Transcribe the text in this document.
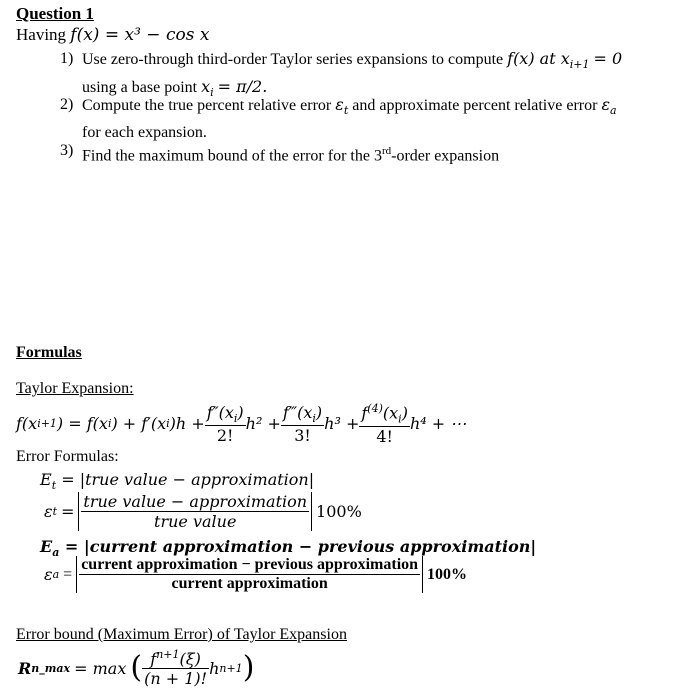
Question 1
Having f(x) = x³ − cos x
1) Use zero-through third-order Taylor series expansions to compute f(x) at $x_{i+1} = 0$
using a base point $x_i = \pi/2$.
2) Compute the true percent relative error $\varepsilon_t$ and approximate percent relative error $\varepsilon_a$
for each expansion.
3) Find the maximum bound of the error for the 3rd-order expansion
Formulas
Taylor Expansion:
f(x i+1 ) = f(x i ) + f′(x i )$h + \frac{f''(x_i)}{2!} h^2 + \frac{f‴(x_i)}{3!} h^3 + \frac{f^{(4)}(x_i)}{4!} h^4$ + ⋯
Error Formulas:
$E_t$ = |true value − approximation|
ε $t = \frac{\text{true value − approximation}}{\text{true value}} 100\%$
$E_a$ = |current approximation − previous approximation|
ε $a = \frac{\text{current approximation − previous approximation}}{\text{current approximation}} 100\%$
Error bound (Maximum Error) of Taylor Expansion
R n_max = max ( $\frac{f^{n+1}(\xi)}{(n + 1)!}$ h n+1 )
